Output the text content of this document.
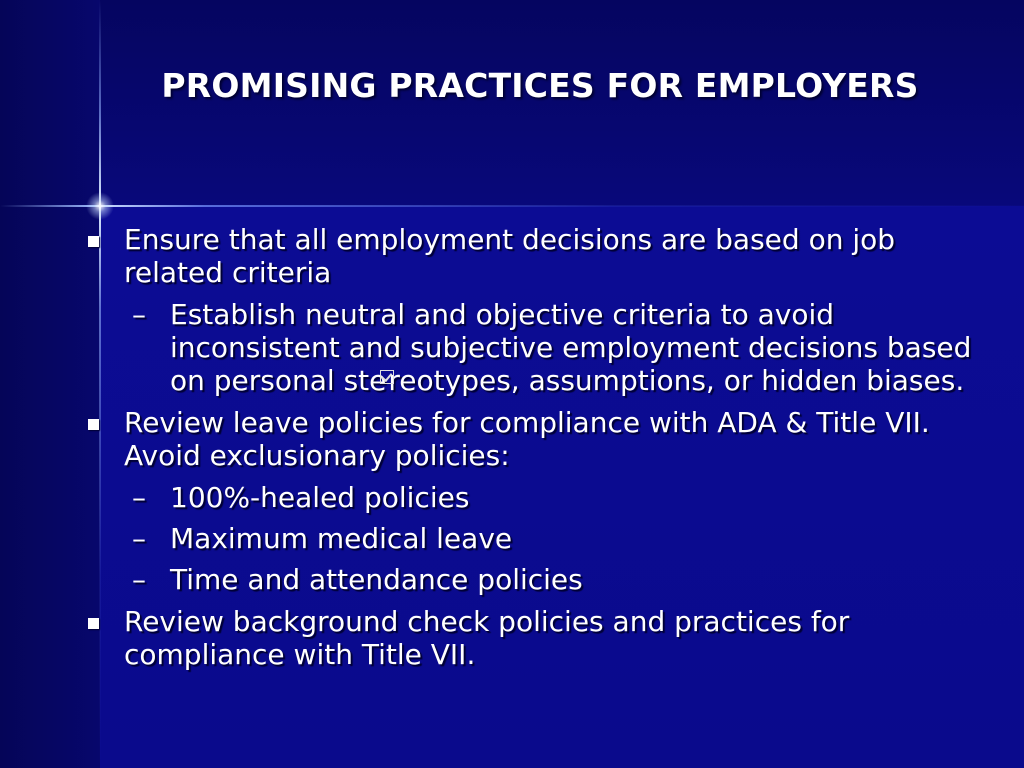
PROMISING PRACTICES FOR EMPLOYERS
Ensure that all employment decisions are based on job related criteria
– Establish neutral and objective criteria to avoid inconsistent and subjective employment decisions based on personal stereotypes, assumptions, or hidden biases.
Review leave policies for compliance with ADA & Title VII. Avoid exclusionary policies:
– 100%-healed policies
– Maximum medical leave
– Time and attendance policies
Review background check policies and practices for compliance with Title VII.
